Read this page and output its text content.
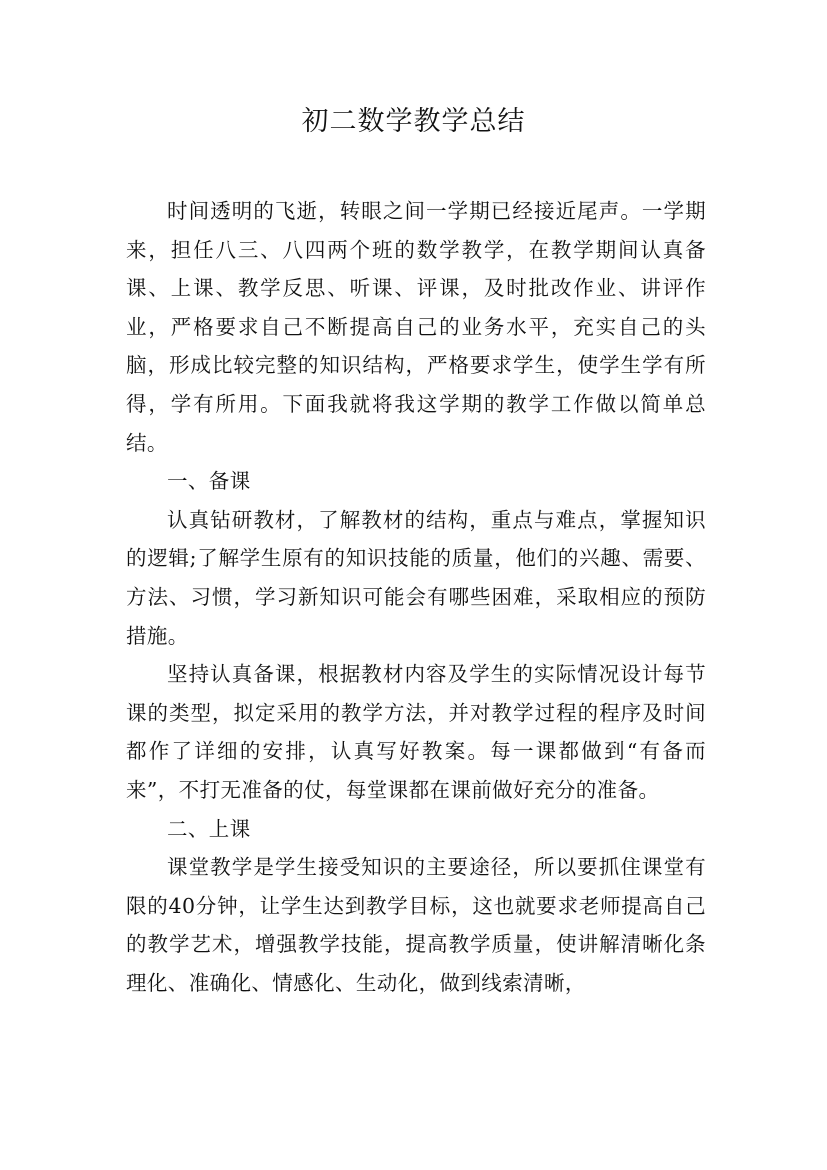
初二数学教学总结

时间透明的飞逝，转眼之间一学期已经接近尾声。一学期来，担任八三、八四两个班的数学教学，在教学期间认真备课、上课、教学反思、听课、评课，及时批改作业、讲评作业，严格要求自己不断提高自己的业务水平，充实自己的头脑，形成比较完整的知识结构，严格要求学生，使学生学有所得，学有所用。下面我就将我这学期的教学工作做以简单总结。

一、备课

认真钻研教材，了解教材的结构，重点与难点，掌握知识的逻辑;了解学生原有的知识技能的质量，他们的兴趣、需要、方法、习惯，学习新知识可能会有哪些困难，采取相应的预防措施。

坚持认真备课，根据教材内容及学生的实际情况设计每节课的类型，拟定采用的教学方法，并对教学过程的程序及时间都作了详细的安排，认真写好教案。每一课都做到“有备而来”，不打无准备的仗，每堂课都在课前做好充分的准备。

二、上课

课堂教学是学生接受知识的主要途径，所以要抓住课堂有限的40分钟，让学生达到教学目标，这也就要求老师提高自己的教学艺术，增强教学技能，提高教学质量，使讲解清晰化条理化、准确化、情感化、生动化，做到线索清晰，
